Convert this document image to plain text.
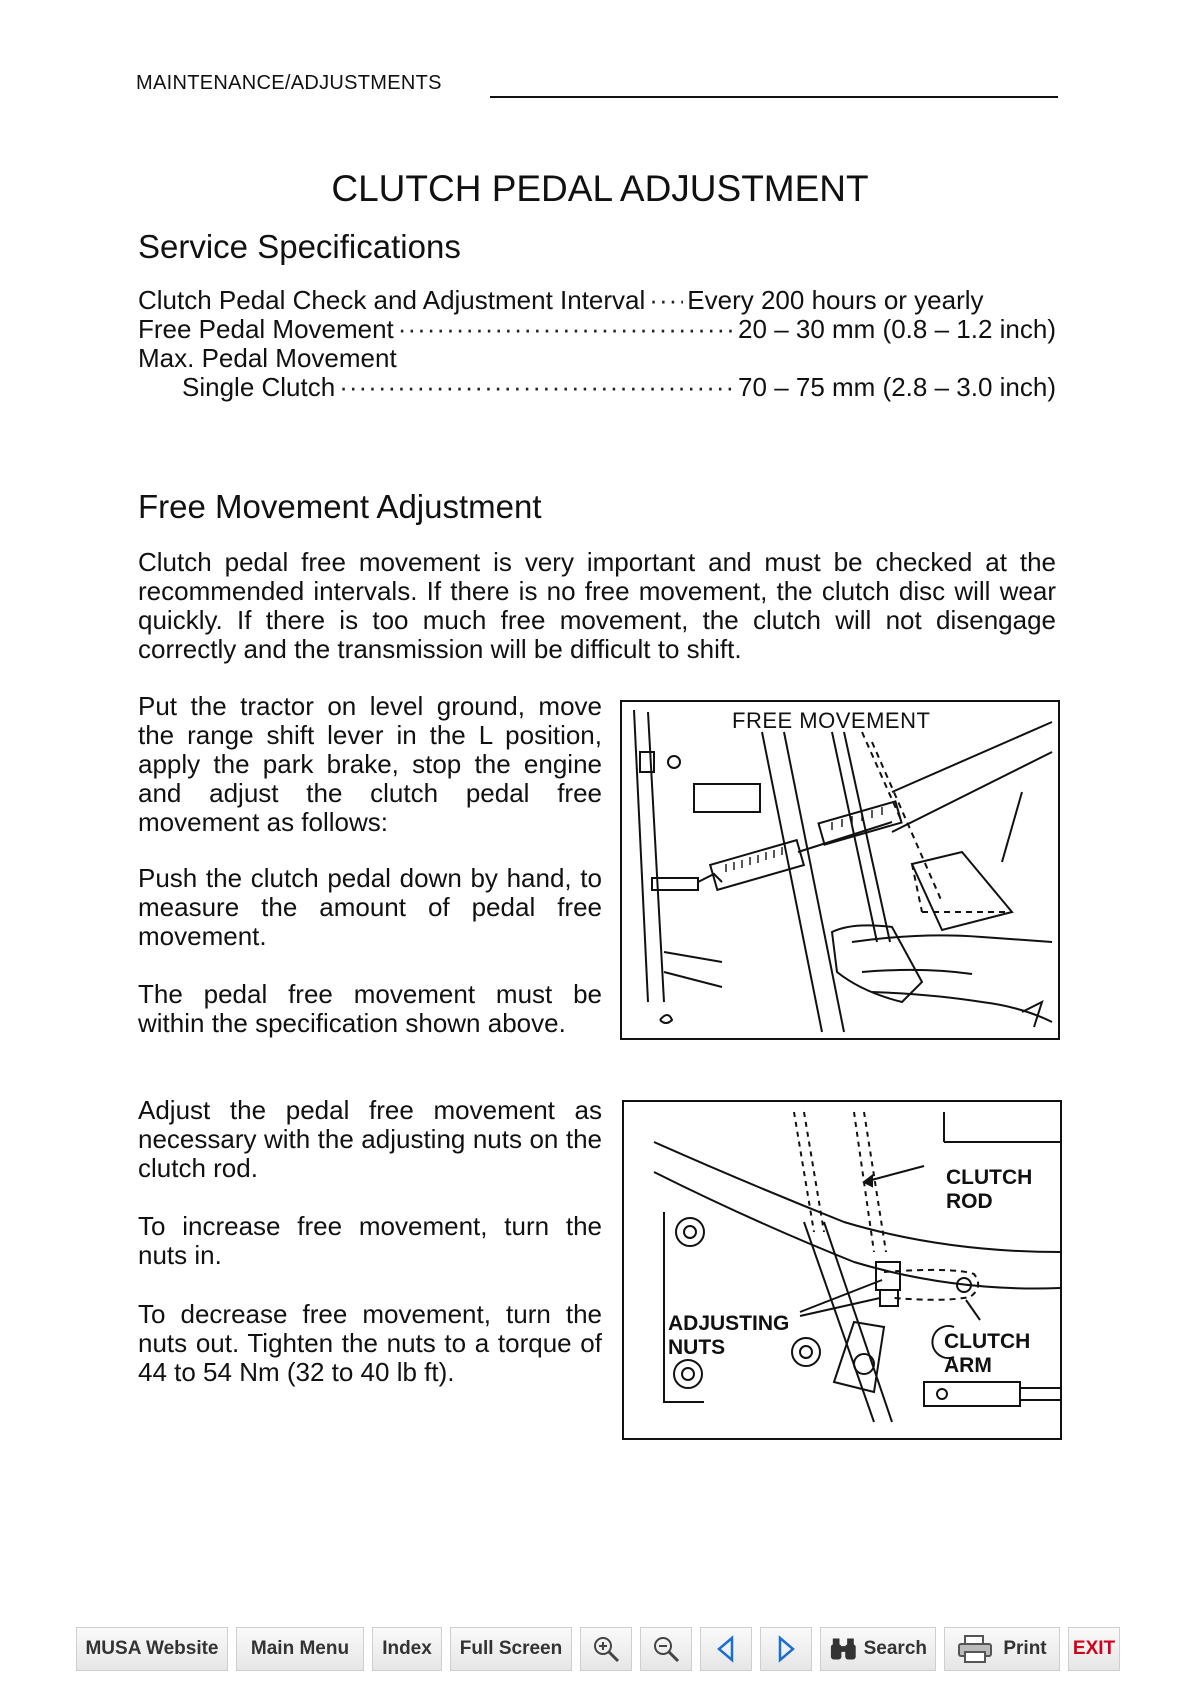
MAINTENANCE/ADJUSTMENTS
CLUTCH PEDAL ADJUSTMENT
Service Specifications
Clutch Pedal Check and Adjustment Interval ····· Every 200 hours or yearly
Free Pedal Movement ·····	20 – 30 mm (0.8 – 1.2 inch)
Max. Pedal Movement
Single Clutch ·····	70 – 75 mm (2.8 – 3.0 inch)
Free Movement Adjustment
Clutch pedal free movement is very important and must be checked at the recommended intervals. If there is no free movement, the clutch disc will wear quickly. If there is too much free movement, the clutch will not disengage correctly and the transmission will be difficult to shift.
Put the tractor on level ground, move the range shift lever in the L position, apply the park brake, stop the engine and adjust the clutch pedal free movement as follows:
Push the clutch pedal down by hand, to measure the amount of pedal free movement.
The pedal free movement must be within the specification shown above.
Adjust the pedal free movement as necessary with the adjusting nuts on the clutch rod.
To increase free movement, turn the nuts in.
To decrease free movement, turn the nuts out. Tighten the nuts to a torque of 44 to 54 Nm (32 to 40 lb ft).
FREE MOVEMENT
CLUTCH
ROD
ADJUSTING
NUTS	CLUTCH
ARM
MUSA Website	Main Menu	Index	Full Screen	Search	Print EXIT
